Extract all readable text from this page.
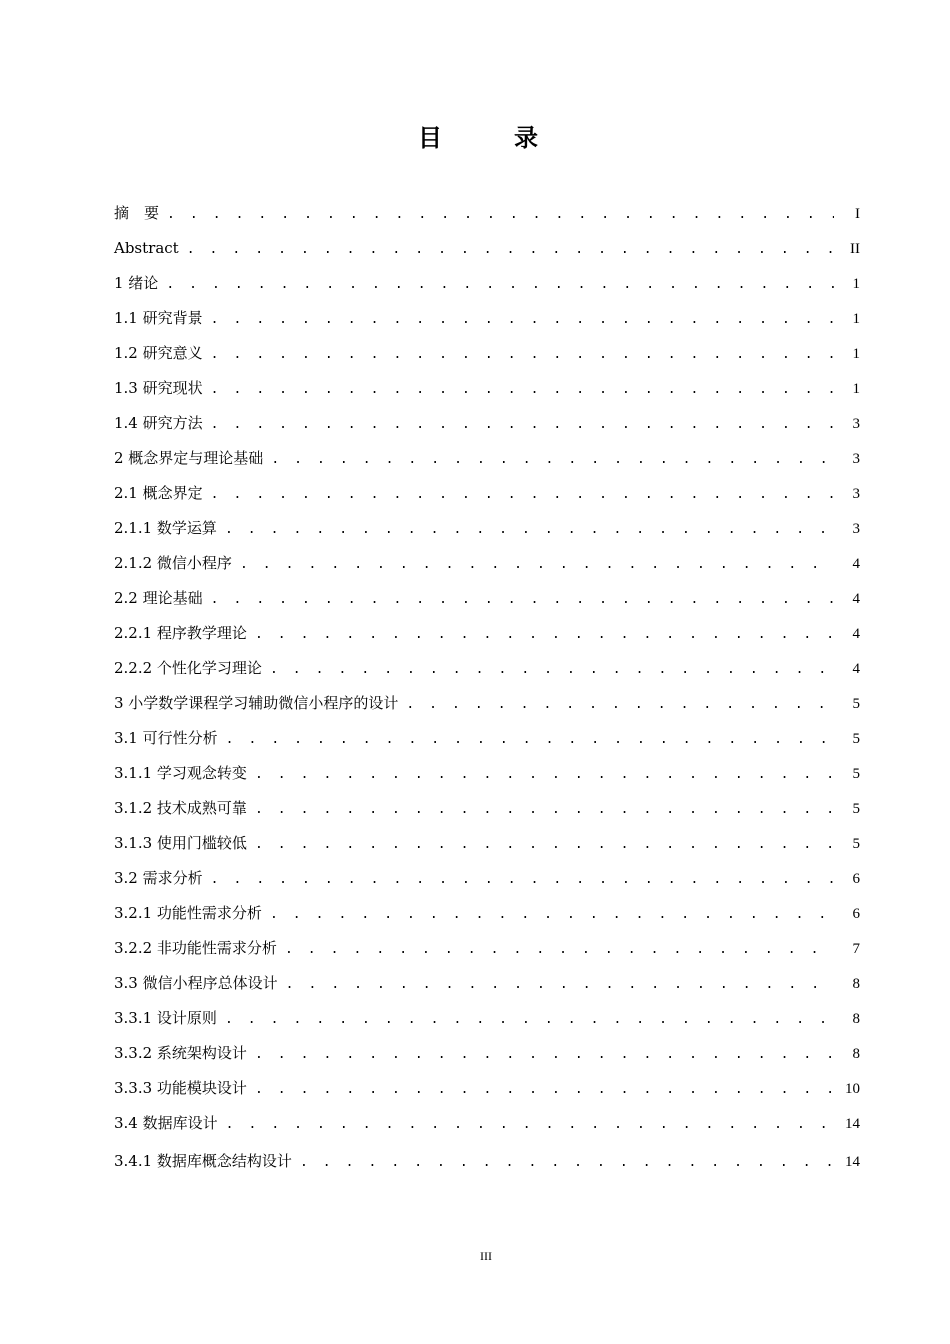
目　录
摘　要 . . .	I
Abstract . . .	II
1 绪论 . . .	1
1.1 研究背景 . . .	1
1.2 研究意义 . . .	1
1.3 研究现状 . . .	1
1.4 研究方法 . . .	3
2 概念界定与理论基础 . . .	3
2.1 概念界定 . . .	3
2.1.1 数学运算 . . .	3
2.1.2 微信小程序 . . .	4
2.2 理论基础 . . .	4
2.2.1 程序教学理论 . . .	4
2.2.2 个性化学习理论 . . .	4
3 小学数学课程学习辅助微信小程序的设计 . . .	5
3.1 可行性分析 . . .	5
3.1.1 学习观念转变 . . .	5
3.1.2 技术成熟可靠 . . .	5
3.1.3 使用门槛较低 . . .	5
3.2 需求分析 . . .	6
3.2.1 功能性需求分析 . . .	6
3.2.2 非功能性需求分析 . . .	7
3.3 微信小程序总体设计 . . .	8
3.3.1 设计原则 . . .	8
3.3.2 系统架构设计 . . .	8
3.3.3 功能模块设计 . . .	10
3.4 数据库设计 . . .	14
3.4.1 数据库概念结构设计 . . .	14
III
